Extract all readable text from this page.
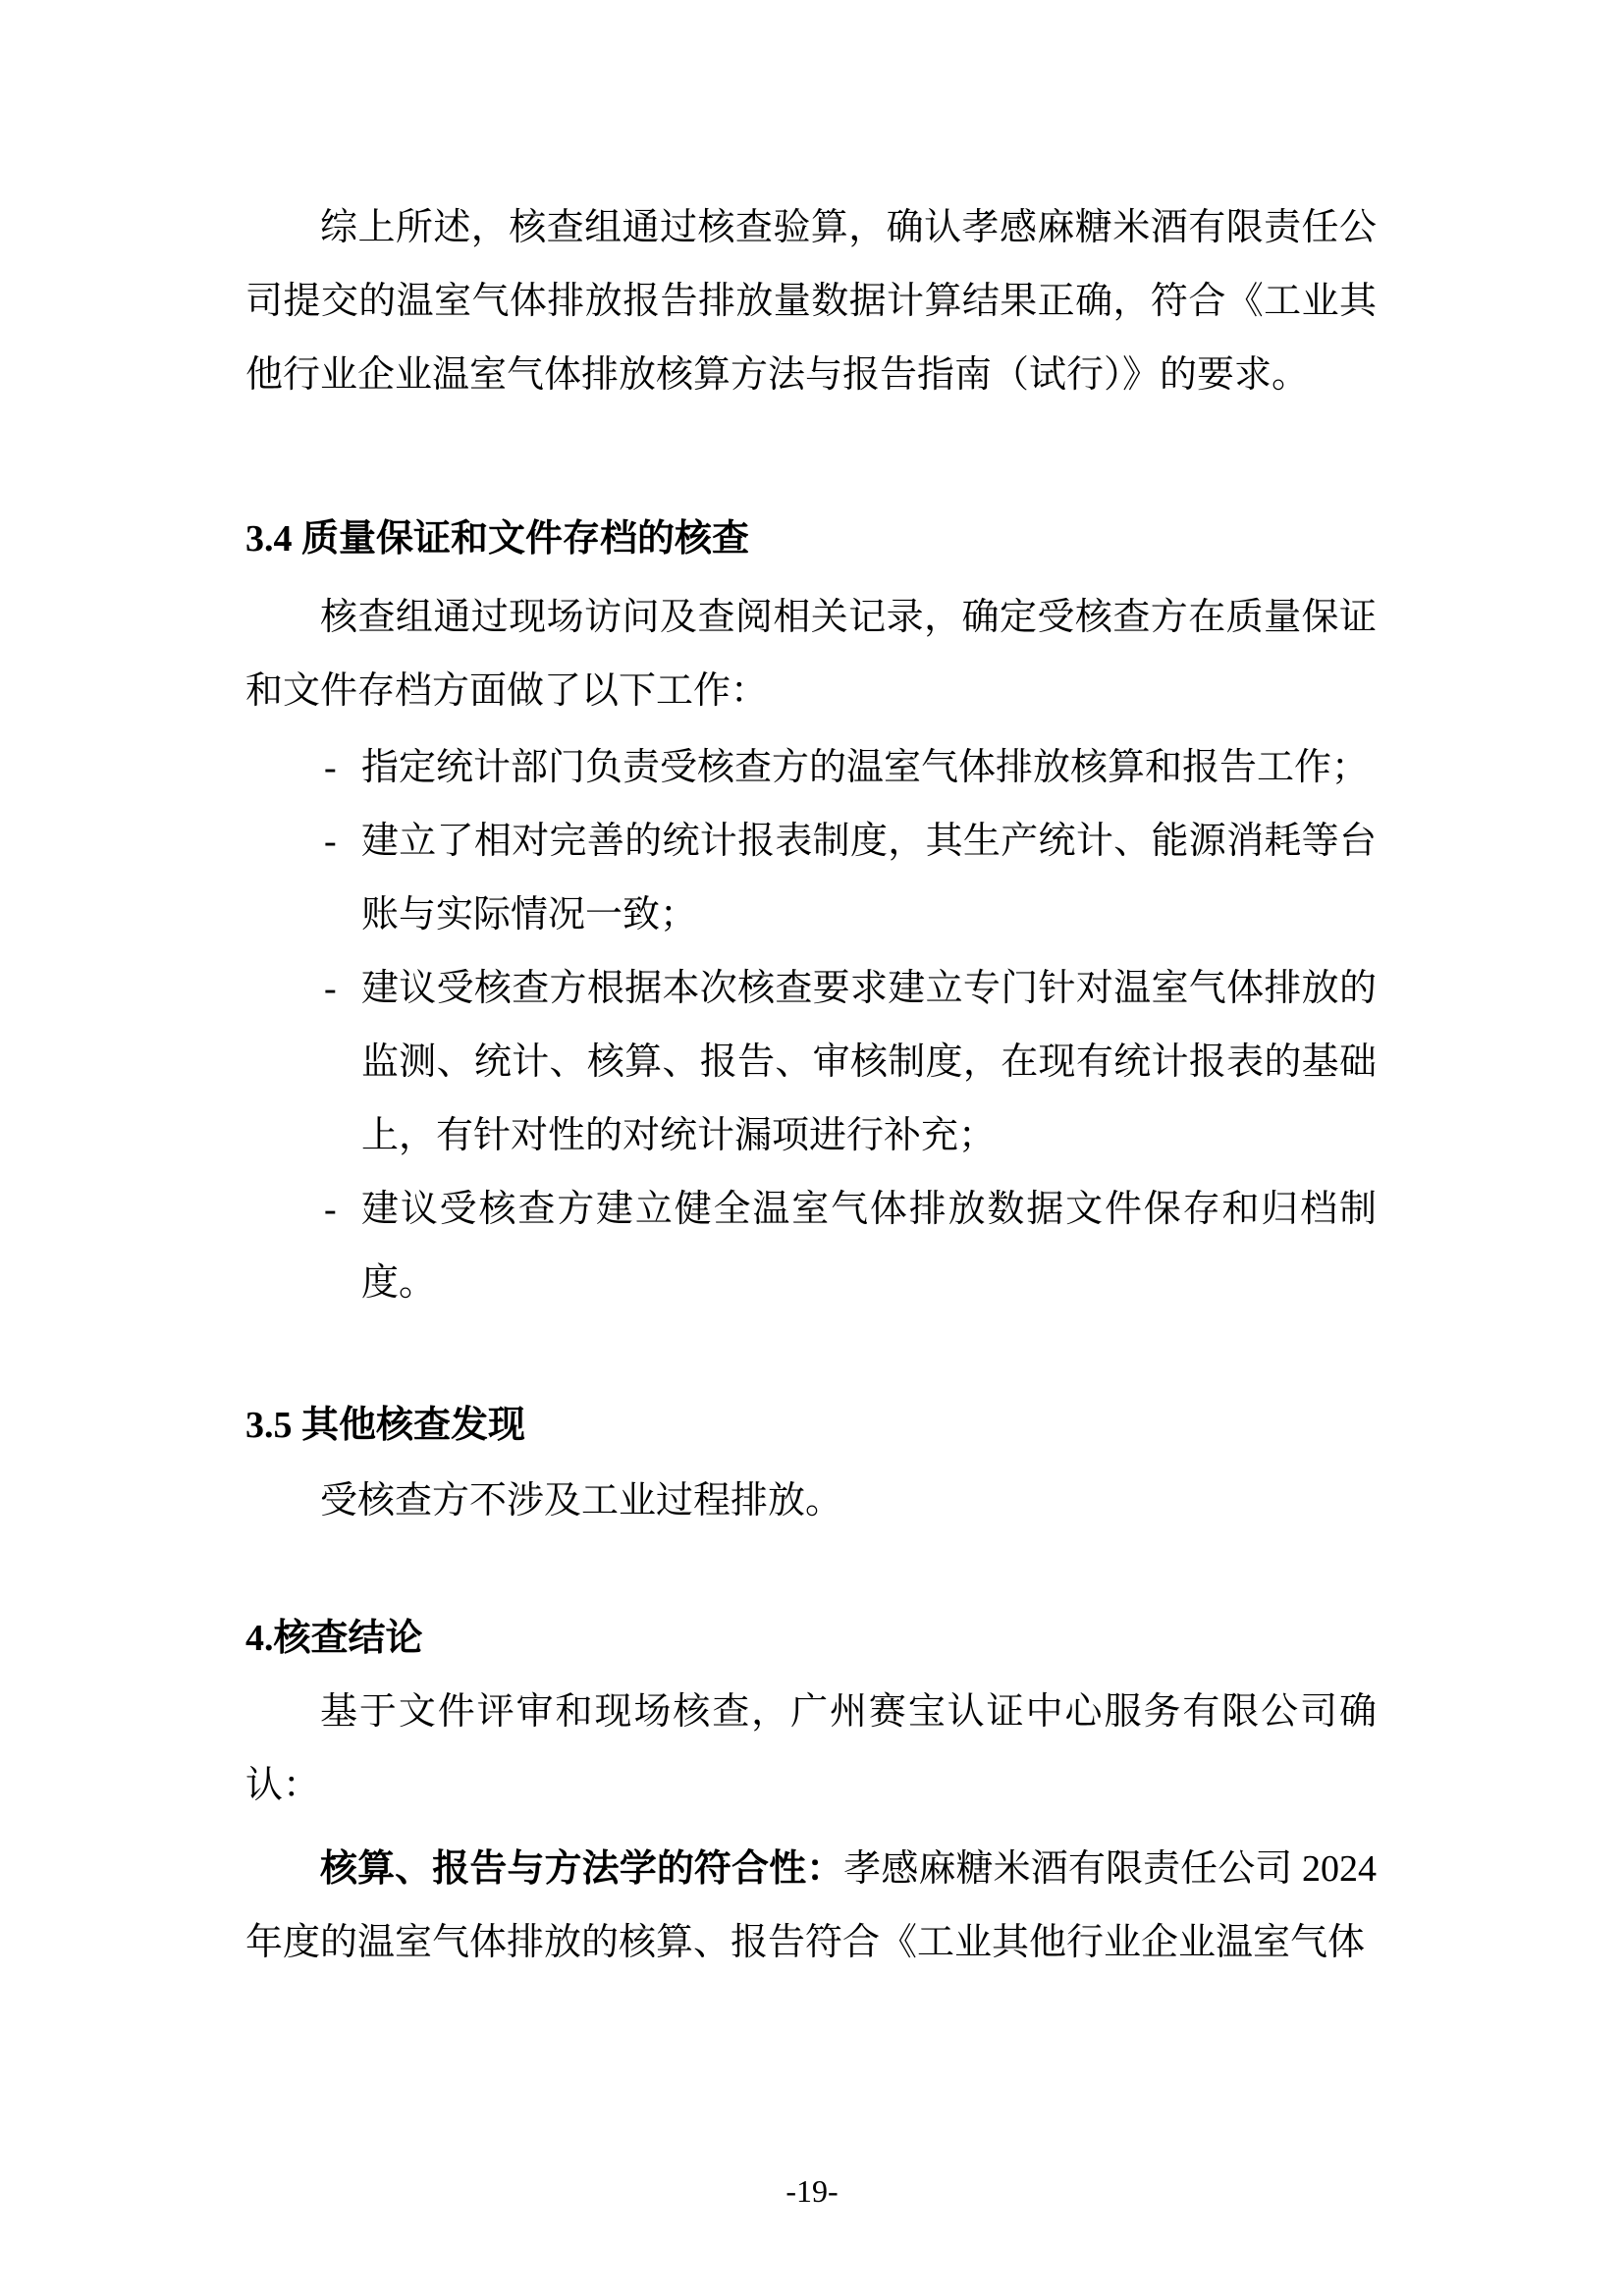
综上所述，核查组通过核查验算，确认孝感麻糖米酒有限责任公司提交的温室气体排放报告排放量数据计算结果正确，符合《工业其他行业企业温室气体排放核算方法与报告指南（试行）》的要求。
3.4 质量保证和文件存档的核查
核查组通过现场访问及查阅相关记录，确定受核查方在质量保证和文件存档方面做了以下工作：
- 指定统计部门负责受核查方的温室气体排放核算和报告工作；
- 建立了相对完善的统计报表制度，其生产统计、能源消耗等台账与实际情况一致；
- 建议受核查方根据本次核查要求建立专门针对温室气体排放的监测、统计、核算、报告、审核制度，在现有统计报表的基础上，有针对性的对统计漏项进行补充；
- 建议受核查方建立健全温室气体排放数据文件保存和归档制度。
3.5 其他核查发现
受核查方不涉及工业过程排放。
4.核查结论
基于文件评审和现场核查，广州赛宝认证中心服务有限公司确认：
核算、报告与方法学的符合性：孝感麻糖米酒有限责任公司 2024年度的温室气体排放的核算、报告符合《工业其他行业企业温室气体
-19-
